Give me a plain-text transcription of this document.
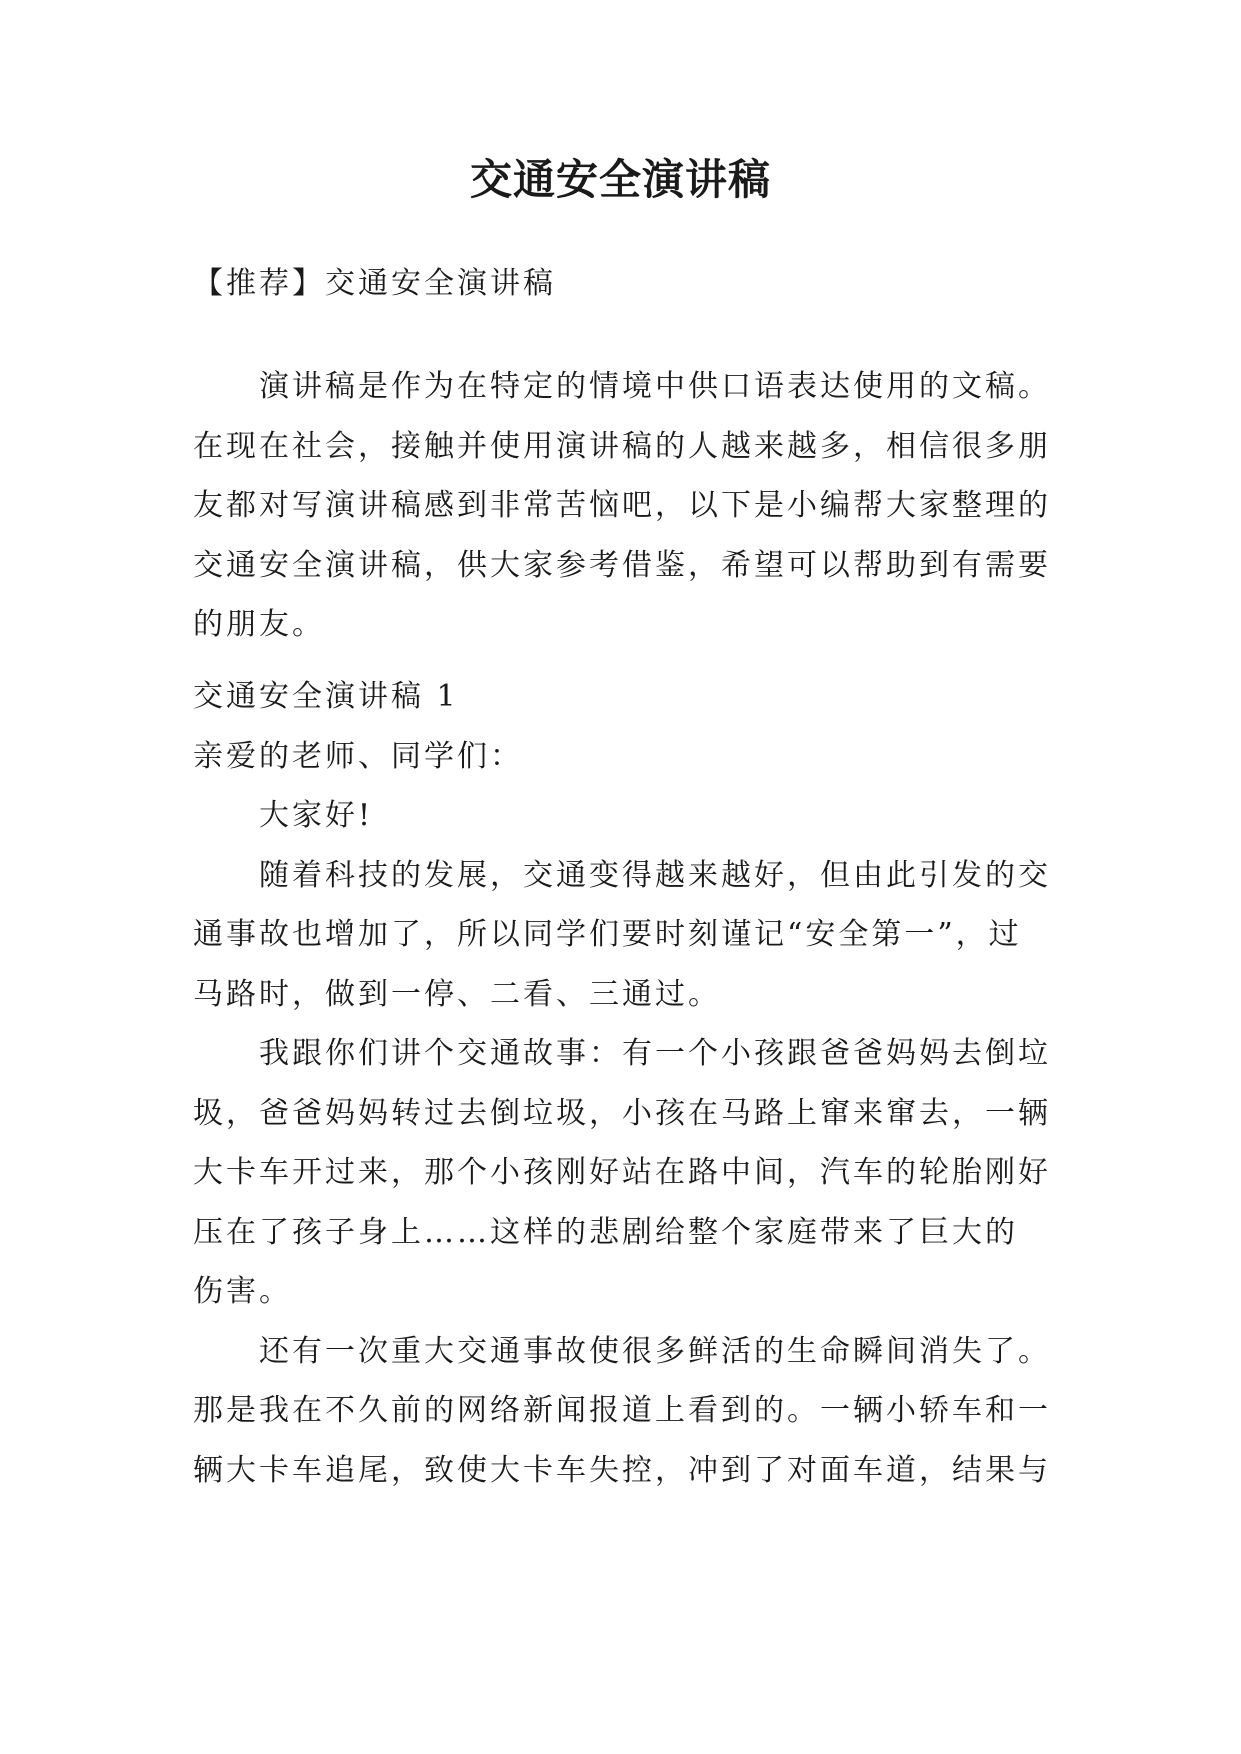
交通安全演讲稿

【推荐】交通安全演讲稿

演讲稿是作为在特定的情境中供口语表达使用的文稿。
在现在社会，接触并使用演讲稿的人越来越多，相信很多朋
友都对写演讲稿感到非常苦恼吧，以下是小编帮大家整理的
交通安全演讲稿，供大家参考借鉴，希望可以帮助到有需要
的朋友。

交通安全演讲稿 1
亲爱的老师、同学们：
大家好!
随着科技的发展，交通变得越来越好，但由此引发的交
通事故也增加了，所以同学们要时刻谨记“安全第一”，过
马路时，做到一停、二看、三通过。
我跟你们讲个交通故事：有一个小孩跟爸爸妈妈去倒垃
圾，爸爸妈妈转过去倒垃圾，小孩在马路上窜来窜去，一辆
大卡车开过来，那个小孩刚好站在路中间，汽车的轮胎刚好
压在了孩子身上……这样的悲剧给整个家庭带来了巨大的
伤害。
还有一次重大交通事故使很多鲜活的生命瞬间消失了。
那是我在不久前的网络新闻报道上看到的。一辆小轿车和一
辆大卡车追尾，致使大卡车失控，冲到了对面车道，结果与
